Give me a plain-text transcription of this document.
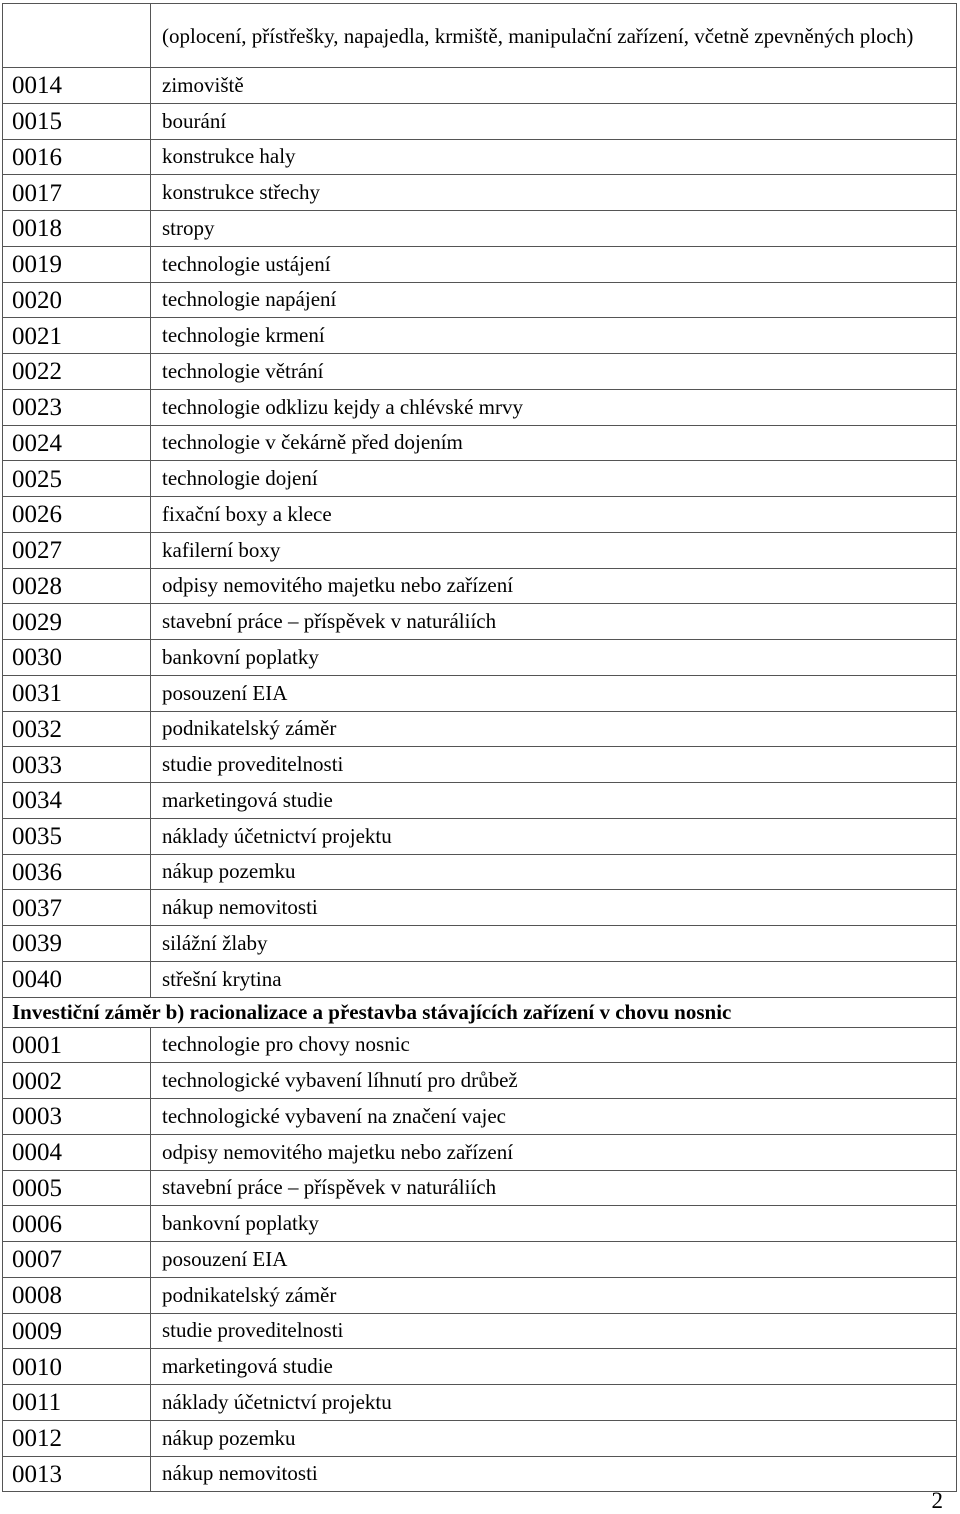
	(oplocení, přístřešky, napajedla, krmiště, manipulační zařízení, včetně zpevněných ploch)
0014	zimoviště
0015	bourání
0016	konstrukce haly
0017	konstrukce střechy
0018	stropy
0019	technologie ustájení
0020	technologie napájení
0021	technologie krmení
0022	technologie větrání
0023	technologie odklizu kejdy a chlévské mrvy
0024	technologie v čekárně před dojením
0025	technologie dojení
0026	fixační boxy a klece
0027	kafilerní boxy
0028	odpisy nemovitého majetku nebo zařízení
0029	stavební práce – příspěvek v naturáliích
0030	bankovní poplatky
0031	posouzení EIA
0032	podnikatelský záměr
0033	studie proveditelnosti
0034	marketingová studie
0035	náklady účetnictví projektu
0036	nákup pozemku
0037	nákup nemovitosti
0039	silážní žlaby
0040	střešní krytina
Investiční záměr b) racionalizace a přestavba stávajících zařízení v chovu nosnic	
0001	technologie pro chovy nosnic
0002	technologické vybavení líhnutí pro drůbež
0003	technologické vybavení na značení vajec
0004	odpisy nemovitého majetku nebo zařízení
0005	stavební práce – příspěvek v naturáliích
0006	bankovní poplatky
0007	posouzení EIA
0008	podnikatelský záměr
0009	studie proveditelnosti
0010	marketingová studie
0011	náklady účetnictví projektu
0012	nákup pozemku
0013	nákup nemovitosti
2
